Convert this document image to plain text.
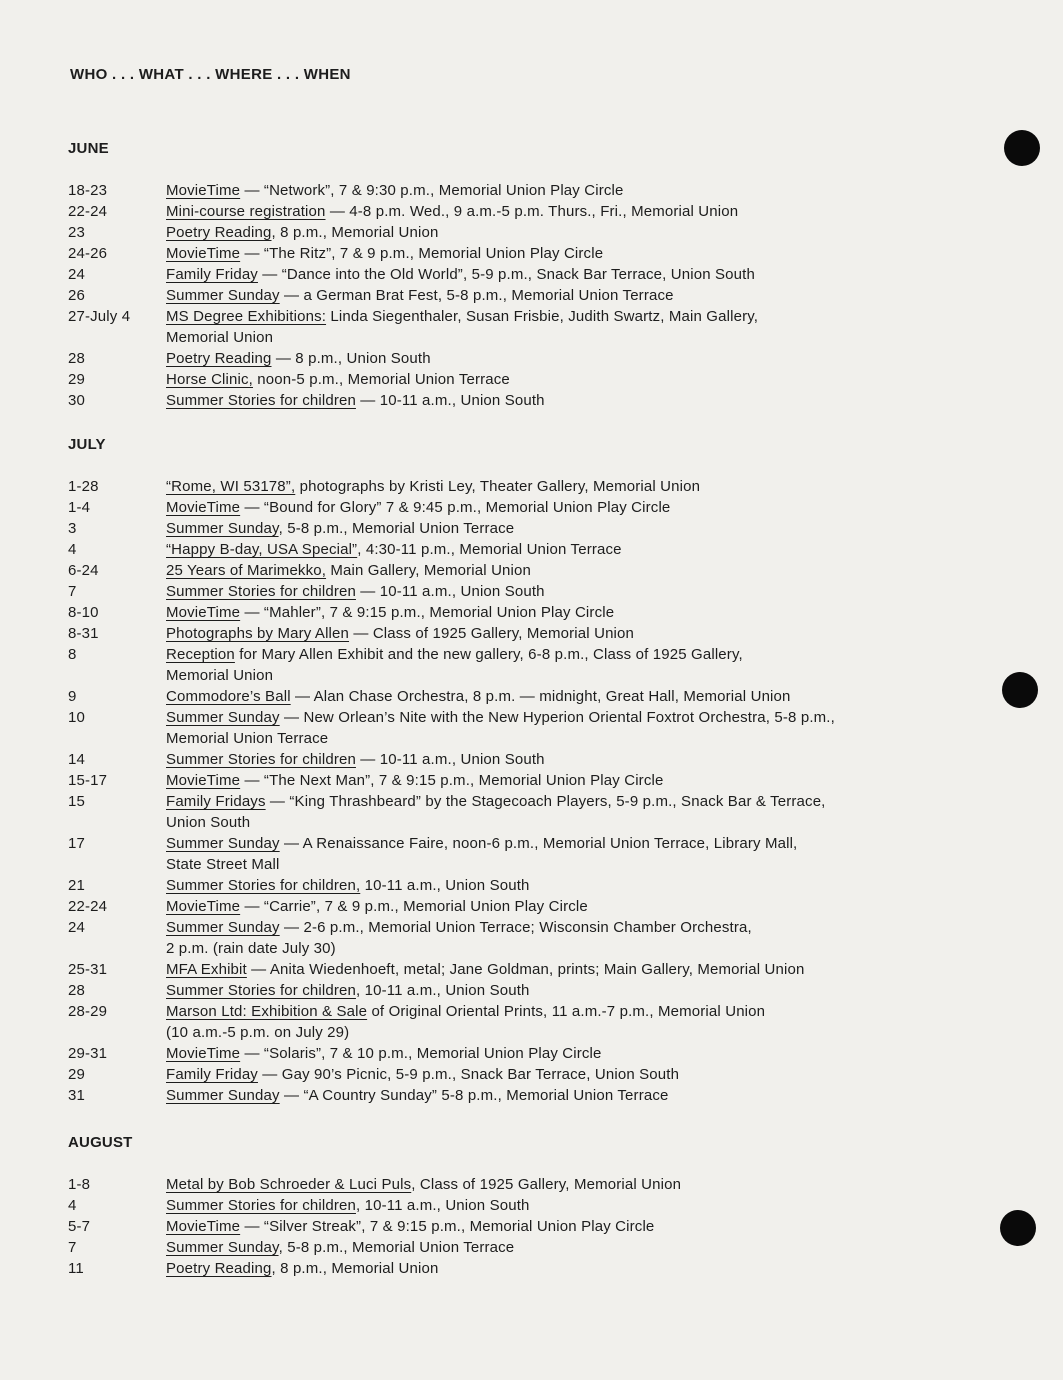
WHO . . . WHAT . . . WHERE . . . WHEN
JUNE
18-23	MovieTime — “Network”, 7 & 9:30 p.m., Memorial Union Play Circle
22-24	Mini-course registration — 4-8 p.m. Wed., 9 a.m.-5 p.m. Thurs., Fri., Memorial Union
23	Poetry Reading, 8 p.m., Memorial Union
24-26	MovieTime — “The Ritz”, 7 & 9 p.m., Memorial Union Play Circle
24	Family Friday — “Dance into the Old World”, 5-9 p.m., Snack Bar Terrace, Union South
26	Summer Sunday — a German Brat Fest, 5-8 p.m., Memorial Union Terrace
27-July 4	MS Degree Exhibitions: Linda Siegenthaler, Susan Frisbie, Judith Swartz, Main Gallery,
Memorial Union
28	Poetry Reading — 8 p.m., Union South
29	Horse Clinic, noon-5 p.m., Memorial Union Terrace
30	Summer Stories for children — 10-11 a.m., Union South
JULY
1-28	“Rome, WI 53178”, photographs by Kristi Ley, Theater Gallery, Memorial Union
1-4	MovieTime — “Bound for Glory” 7 & 9:45 p.m., Memorial Union Play Circle
3	Summer Sunday, 5-8 p.m., Memorial Union Terrace
4	“Happy B-day, USA Special”, 4:30-11 p.m., Memorial Union Terrace
6-24	25 Years of Marimekko, Main Gallery, Memorial Union
7	Summer Stories for children — 10-11 a.m., Union South
8-10	MovieTime — “Mahler”, 7 & 9:15 p.m., Memorial Union Play Circle
8-31	Photographs by Mary Allen — Class of 1925 Gallery, Memorial Union
8	Reception for Mary Allen Exhibit and the new gallery, 6-8 p.m., Class of 1925 Gallery,
Memorial Union
9	Commodore’s Ball — Alan Chase Orchestra, 8 p.m. — midnight, Great Hall, Memorial Union
10	Summer Sunday — New Orlean’s Nite with the New Hyperion Oriental Foxtrot Orchestra, 5-8 p.m.,
Memorial Union Terrace
14	Summer Stories for children — 10-11 a.m., Union South
15-17	MovieTime — “The Next Man”, 7 & 9:15 p.m., Memorial Union Play Circle
15	Family Fridays — “King Thrashbeard” by the Stagecoach Players, 5-9 p.m., Snack Bar & Terrace,
Union South
17	Summer Sunday — A Renaissance Faire, noon-6 p.m., Memorial Union Terrace, Library Mall,
State Street Mall
21	Summer Stories for children, 10-11 a.m., Union South
22-24	MovieTime — “Carrie”, 7 & 9 p.m., Memorial Union Play Circle
24	Summer Sunday — 2-6 p.m., Memorial Union Terrace; Wisconsin Chamber Orchestra,
2 p.m. (rain date July 30)
25-31	MFA Exhibit — Anita Wiedenhoeft, metal; Jane Goldman, prints; Main Gallery, Memorial Union
28	Summer Stories for children, 10-11 a.m., Union South
28-29	Marson Ltd: Exhibition & Sale of Original Oriental Prints, 11 a.m.-7 p.m., Memorial Union
(10 a.m.-5 p.m. on July 29)
29-31	MovieTime — “Solaris”, 7 & 10 p.m., Memorial Union Play Circle
29	Family Friday — Gay 90’s Picnic, 5-9 p.m., Snack Bar Terrace, Union South
31	Summer Sunday — “A Country Sunday” 5-8 p.m., Memorial Union Terrace
AUGUST
1-8	Metal by Bob Schroeder & Luci Puls, Class of 1925 Gallery, Memorial Union
4	Summer Stories for children, 10-11 a.m., Union South
5-7	MovieTime — “Silver Streak”, 7 & 9:15 p.m., Memorial Union Play Circle
7	Summer Sunday, 5-8 p.m., Memorial Union Terrace
11	Poetry Reading, 8 p.m., Memorial Union
